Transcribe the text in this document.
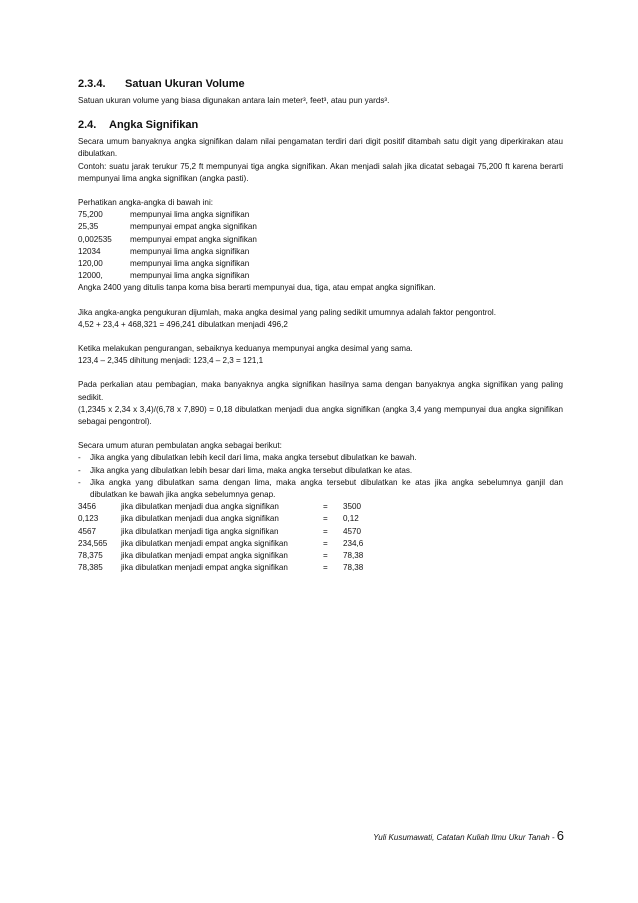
2.3.4. Satuan Ukuran Volume

Satuan ukuran volume yang biasa digunakan antara lain meter³, feet³, atau pun yards³.

2.4. Angka Signifikan

Secara umum banyaknya angka signifikan dalam nilai pengamatan terdiri dari digit positif ditambah satu digit yang diperkirakan atau dibulatkan.

Contoh: suatu jarak terukur 75,2 ft mempunyai tiga angka signifikan. Akan menjadi salah jika dicatat sebagai 75,200 ft karena berarti mempunyai lima angka signifikan (angka pasti).

Perhatikan angka-angka di bawah ini:

75,200	mempunyai lima angka signifikan
25,35	mempunyai empat angka signifikan
0,002535	mempunyai empat angka signifikan
12034	mempunyai lima angka signifikan
120,00	mempunyai lima angka signifikan
12000,	mempunyai lima angka signifikan

Angka 2400 yang ditulis tanpa koma bisa berarti mempunyai dua, tiga, atau empat angka signifikan.

Jika angka-angka pengukuran dijumlah, maka angka desimal yang paling sedikit umumnya adalah faktor pengontrol.

4,52 + 23,4 + 468,321 = 496,241 dibulatkan menjadi 496,2

Ketika melakukan pengurangan, sebaiknya keduanya mempunyai angka desimal yang sama.

123,4 – 2,345 dihitung menjadi: 123,4 – 2,3 = 121,1

Pada perkalian atau pembagian, maka banyaknya angka signifikan hasilnya sama dengan banyaknya angka signifikan yang paling sedikit.

(1,2345 x 2,34 x 3,4)/(6,78 x 7,890) = 0,18 dibulatkan menjadi dua angka signifikan (angka 3,4 yang mempunyai dua angka signifikan sebagai pengontrol).

Secara umum aturan pembulatan angka sebagai berikut:

-	Jika angka yang dibulatkan lebih kecil dari lima, maka angka tersebut dibulatkan ke bawah.
-	Jika angka yang dibulatkan lebih besar dari lima, maka angka tersebut dibulatkan ke atas.
-	Jika angka yang dibulatkan sama dengan lima, maka angka tersebut dibulatkan ke atas jika angka sebelumnya ganjil dan dibulatkan ke bawah jika angka sebelumnya genap.
3456	jika dibulatkan menjadi dua angka signifikan	=	3500
0,123	jika dibulatkan menjadi dua angka signifikan	=	0,12
4567	jika dibulatkan menjadi tiga angka signifikan	=	4570
234,565	jika dibulatkan menjadi empat angka signifikan	=	234,6
78,375	jika dibulatkan menjadi empat angka signifikan	=	78,38
78,385	jika dibulatkan menjadi empat angka signifikan	=	78,38
Yuli Kusumawati, Catatan Kuliah Ilmu Ukur Tanah - 6
